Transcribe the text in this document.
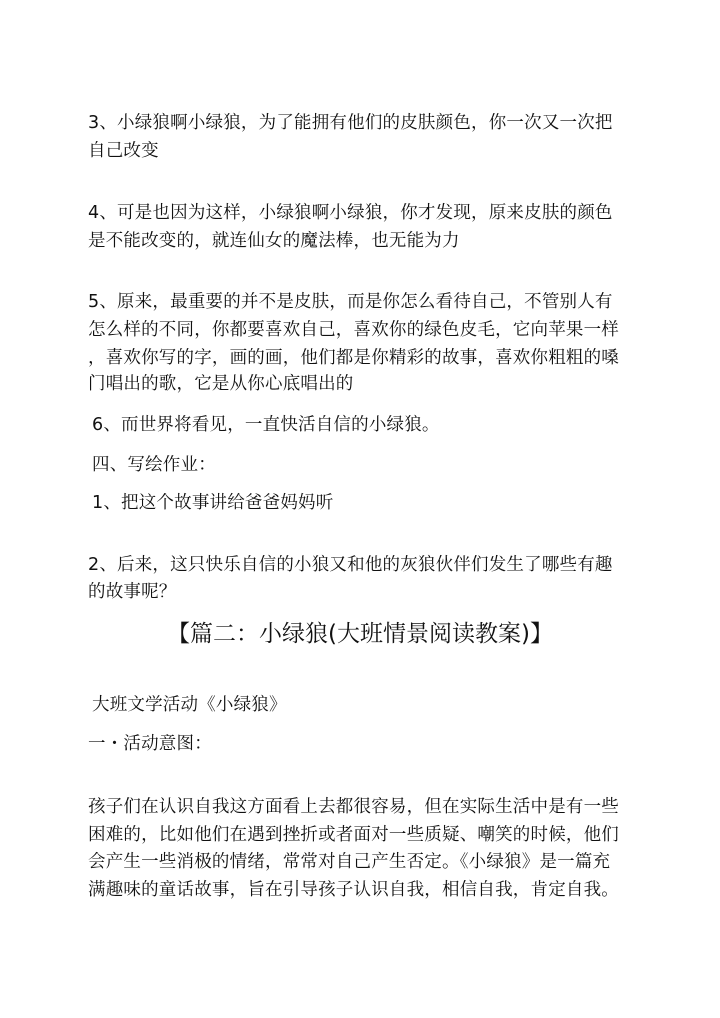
3、小绿狼啊小绿狼，为了能拥有他们的皮肤颜色，你一次又一次把
自己改变
4、可是也因为这样，小绿狼啊小绿狼，你才发现，原来皮肤的颜色
是不能改变的，就连仙女的魔法棒，也无能为力
5、原来，最重要的并不是皮肤，而是你怎么看待自己，不管别人有
怎么样的不同，你都要喜欢自己，喜欢你的绿色皮毛，它向苹果一样
，喜欢你写的字，画的画，他们都是你精彩的故事，喜欢你粗粗的嗓
门唱出的歌，它是从你心底唱出的
6、而世界将看见，一直快活自信的小绿狼。
四、写绘作业：
1、把这个故事讲给爸爸妈妈听
2、后来，这只快乐自信的小狼又和他的灰狼伙伴们发生了哪些有趣
的故事呢？
【篇二：小绿狼(大班情景阅读教案)】
大班文学活动《小绿狼》
一・活动意图：
孩子们在认识自我这方面看上去都很容易，但在实际生活中是有一些
困难的，比如他们在遇到挫折或者面对一些质疑、嘲笑的时候，他们
会产生一些消极的情绪，常常对自己产生否定。《小绿狼》是一篇充
满趣味的童话故事，旨在引导孩子认识自我，相信自我，肯定自我。
